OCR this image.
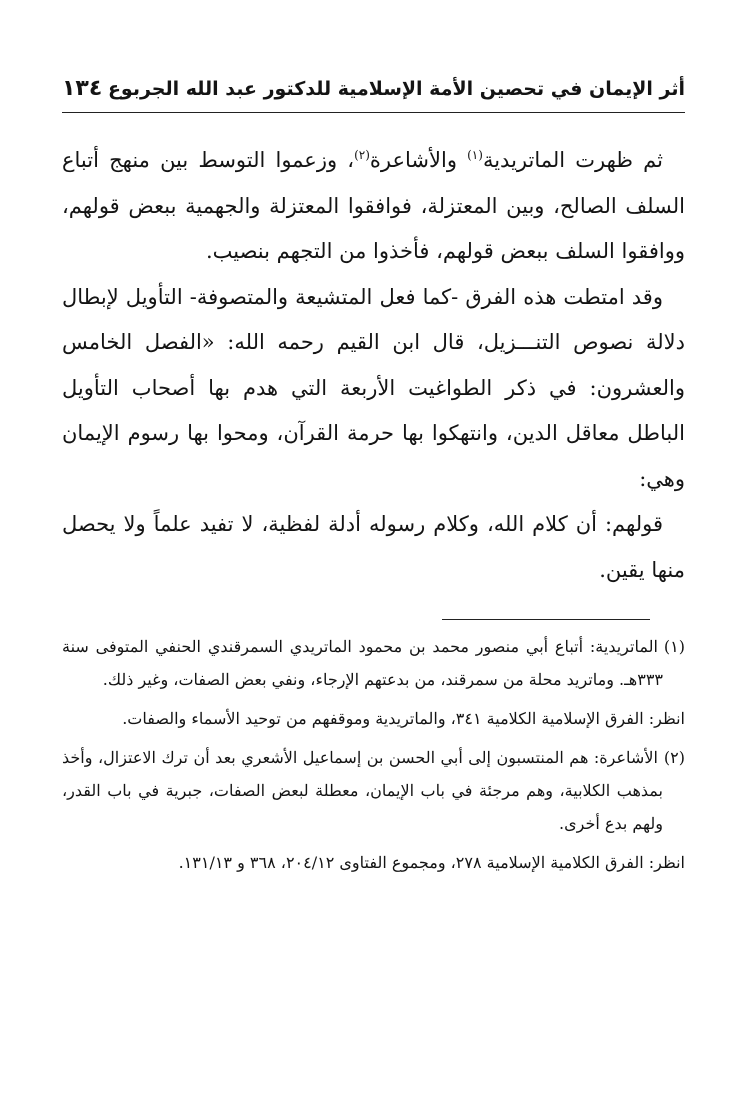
أثر الإيمان في تحصين الأمة الإسلامية للدكتور عبد الله الجربوع
١٣٤

ثم ظهرت الماتريدية$^{(١)}$ والأشاعرة$^{(٢)}$، وزعموا التوسط بين منهج أتباع السلف الصالح، وبين المعتزلة، فوافقوا المعتزلة والجهمية ببعض قولهم، ووافقوا السلف ببعض قولهم، فأخذوا من التجهم بنصيب.

وقد امتطت هذه الفرق -كما فعل المتشيعة والمتصوفة- التأويل لإبطال دلالة نصوص التنـــزيل، قال ابن القيم رحمه الله: «الفصل الخامس والعشرون: في ذكر الطواغيت الأربعة التي هدم بها أصحاب التأويل الباطل معاقل الدين، وانتهكوا بها حرمة القرآن، ومحوا بها رسوم الإيمان وهي:

قولهم: أن كلام الله، وكلام رسوله أدلة لفظية، لا تفيد علماً ولا يحصل منها يقين.

(١)الماتريدية: أتباع أبي منصور محمد بن محمود الماتريدي السمرقندي الحنفي المتوفى سنة ٣٣٣هـ. وماتريد محلة من سمرقند، من بدعتهم الإرجاء، ونفي بعض الصفات، وغير ذلك.

انظر: الفرق الإسلامية الكلامية ٣٤١، والماتريدية وموقفهم من توحيد الأسماء والصفات.

(٢)الأشاعرة: هم المنتسبون إلى أبي الحسن بن إسماعيل الأشعري بعد أن ترك الاعتزال، وأخذ بمذهب الكلابية، وهم مرجئة في باب الإيمان، معطلة لبعض الصفات، جبرية في باب القدر، ولهم بدع أخرى.

انظر: الفرق الكلامية الإسلامية ٢٧٨، ومجموع الفتاوى ٢٠٤/١٢، ٣٦٨ و ١٣١/١٣.
